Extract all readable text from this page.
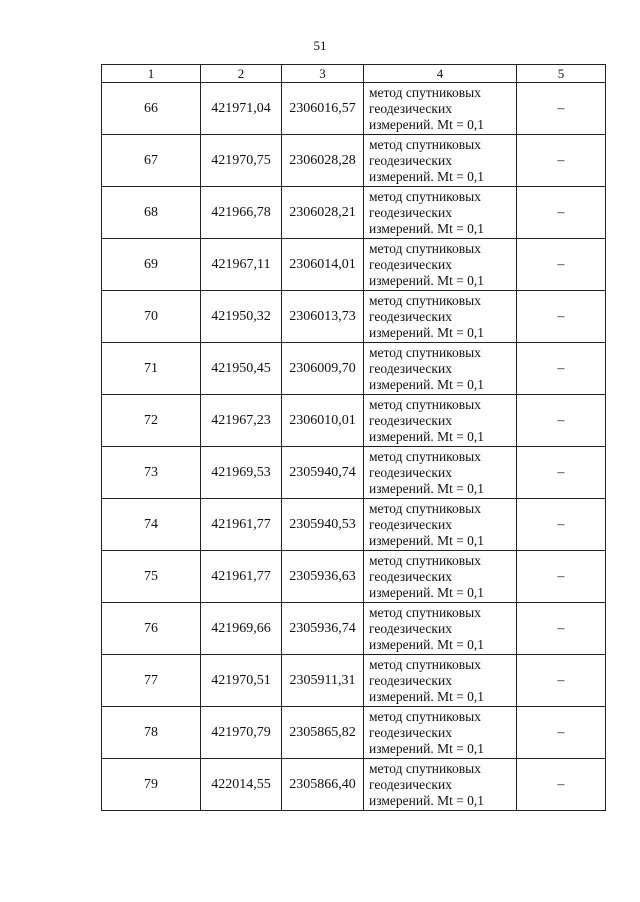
51
1	2	3	4	5
66	421971,04	2306016,57	метод спутниковых
геодезических
измерений. Mt = 0,1	–
67	421970,75	2306028,28	метод спутниковых
геодезических
измерений. Mt = 0,1	–
68	421966,78	2306028,21	метод спутниковых
геодезических
измерений. Mt = 0,1	–
69	421967,11	2306014,01	метод спутниковых
геодезических
измерений. Mt = 0,1	–
70	421950,32	2306013,73	метод спутниковых
геодезических
измерений. Mt = 0,1	–
71	421950,45	2306009,70	метод спутниковых
геодезических
измерений. Mt = 0,1	–
72	421967,23	2306010,01	метод спутниковых
геодезических
измерений. Mt = 0,1	–
73	421969,53	2305940,74	метод спутниковых
геодезических
измерений. Mt = 0,1	–
74	421961,77	2305940,53	метод спутниковых
геодезических
измерений. Mt = 0,1	–
75	421961,77	2305936,63	метод спутниковых
геодезических
измерений. Mt = 0,1	–
76	421969,66	2305936,74	метод спутниковых
геодезических
измерений. Mt = 0,1	–
77	421970,51	2305911,31	метод спутниковых
геодезических
измерений. Mt = 0,1	–
78	421970,79	2305865,82	метод спутниковых
геодезических
измерений. Mt = 0,1	–
79	422014,55	2305866,40	метод спутниковых
геодезических
измерений. Mt = 0,1	–
